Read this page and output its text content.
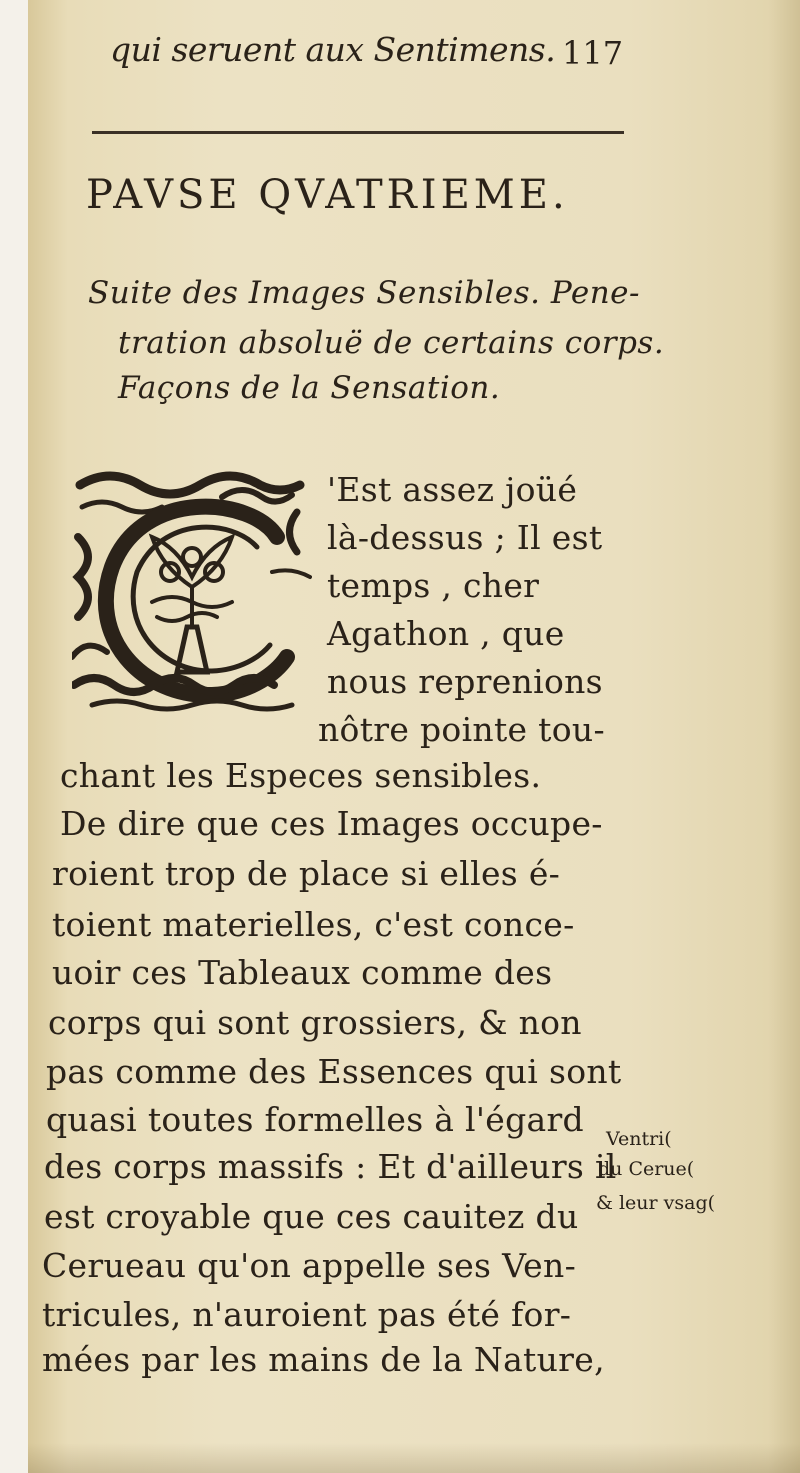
qui seruent aux Sentimens. 117
PAVSE QVATRIEME.
Suite des Images Sensibles. Pene-
tration absoluë de certains corps.
Façons de la Sensation.
'Est assez joüé
là-dessus ; Il est
temps , cher
Agathon , que
nous reprenions
nôtre pointe tou-
chant les Especes sensibles.
De dire que ces Images occupe-
roient trop de place si elles é-
toient materielles, c'est conce-
uoir ces Tableaux comme des
corps qui sont grossiers, & non
pas comme des Essences qui sont
quasi toutes formelles à l'égard
des corps massifs : Et d'ailleurs il
est croyable que ces cauitez du
Cerueau qu'on appelle ses Ven-
tricules, n'auroient pas été for-
mées par les mains de la Nature,
Ventri(
du Cerue(
& leur vsag(
